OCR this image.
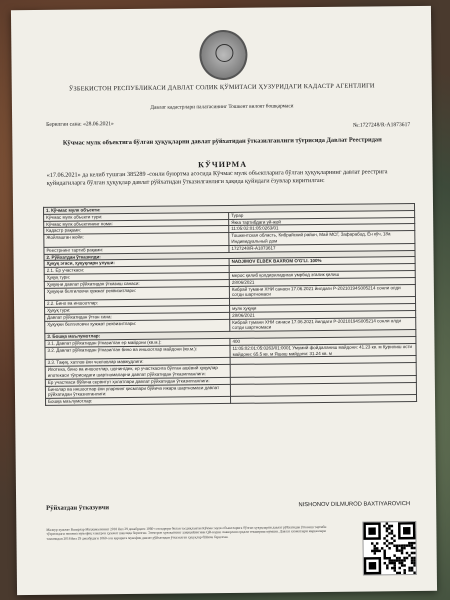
ЎЗБЕКИСТОН РЕСПУБЛИКАСИ ДАВЛАТ СОЛИК ҚЎМИТАСИ ҲУЗУРИДАГИ КАДАСТР АГЕНТЛИГИ
Давлат кадастрлари палатасининг Тошкент вилоят бошқармаси
Берилган сана: «28.06.2021»	№:1727248/R-A1873617
Кўчмас мулк объектига бўлган ҳуқуқларни давлат рўйхатидан ўтказилганлиги тўғрисида Давлат Реестридан
КЎЧИРМА
«17.06.2021» да келиб тушган 385289 -сонли буюртма асосида Кўчмас мулк объектларига бўлган ҳуқуқларнинг давлат реестрига қуйидагиларга бўлган ҳуқуқлар давлат рўйхатидан ўтказилганлиги ҳақида қуйидаги ёзувлар киритилган:
1. Кўчмас мулк объекти:	
Кўчмас мулк объекти тури:	Турар
Кўчмас мулк объектининг номи:	Якка тартибдаги уй-жой
Кадастр рақами:	11:05:02:01:05:0263/01
Жойлашган жойи:	Тошкентская область, Кибрайский район, Май МСГ, Зафарабод, Ён кўч, 18а Индивидуальный дом
Реестрнинг тартиб рақами:	1727248/R-A1873617
2. Рўйхатдан ўтказилди:	
Ҳуқуқ эгаси, ҳуқуқлари улуши:	NADJIMOV ELBEK BAXROM O'G'LI. 100%
2.1. Ер участкаси:	
Ҳуқуқ тури:	мерос қилиб қолдириладиган умрбод эгалик қилиш
Ҳуқуқни давлат рўйхатидан ўтказиш санаси:	28/06/2021
Ҳуқуқни белгиловчи ҳужжат реквизитлари:	Кибрай тумани ХНИ санаси 17.06.2021 йилдаги Р-20210194S005214 сонли олди сотди шартномаси
2.2. Бино ва иншоотлар:	
Ҳуқуқ тури:	мулк ҳуқуқи
Давлат рўйхатидан ўтган сана:	28/06/2021
Ҳуқуқни белгиловчи ҳужжат реквизитлари:	Кибрай тумани ХНИ санаси 17.06.2021 йилдаги Р-20210194S005214 сонли олди сотди шартномаси
3. Бошқа маълумотлар:	
3.1. Давлат рўйхатидан ўтказилган ер майдони (кв.м.):	400
3.2. Давлат рўйхатидан ўтказилган бино ва иншоотлар майдони (кв.м.):	11:05:02:01:05:0263/01:0001 Умумий фойдаланиш майдони: 41.23 кв. м Қурилиш ости майдони: 65.5 кв. м Яшаш майдони: 31.24 кв. м
3.3. Тақиқ, хатлов ёки чекловлар мавжудлиги:	
Ипотека, бино ва иншоотлар, шунингдек, ер участкасига бўлган ашёвий ҳуқуқлар ипотекаси тўғрисидаги шартномаларни давлат рўйхатидан ўтказилганлиги:	
Ер участкаси бўйича сервитут ҳолатлари давлат рўйхатидан ўтказилганлиги:	
Бинолар ва иншоотлар ёки уларнинг қисмлари бўйича ижара шартномаси давлат рўйхатидан ўтказилганлиги:	
Бошқа маълумотлар:	
Рўйхатдан ўтказувчи	NISHONOV DILMUROD BAXTIYAROVICH
Мазкур ҳужжат Вазирлар Маҳкамасининг 2018 йил 29 декабрдаги 1060-сон қарори билан тасдиқланган Кўчмас мулк объектларига бўлган ҳуқуқларни давлат рўйхатидан ўтказиш тартиби тўғрисидаги низомга мувофиқ электрон ҳужжат шаклида берилган. Электрон ҳужжатнинг ҳақиқийлигини QR-кодни сканерлаш орқали текшириш мумкин. Давлат хизматлари марказлари томонидан 2018 йил 29 декабрдаги 1060-сон қарорига мувофиқ давлат рўйхатидан ўтказилган ҳуқуқлар бўйича берилган.
